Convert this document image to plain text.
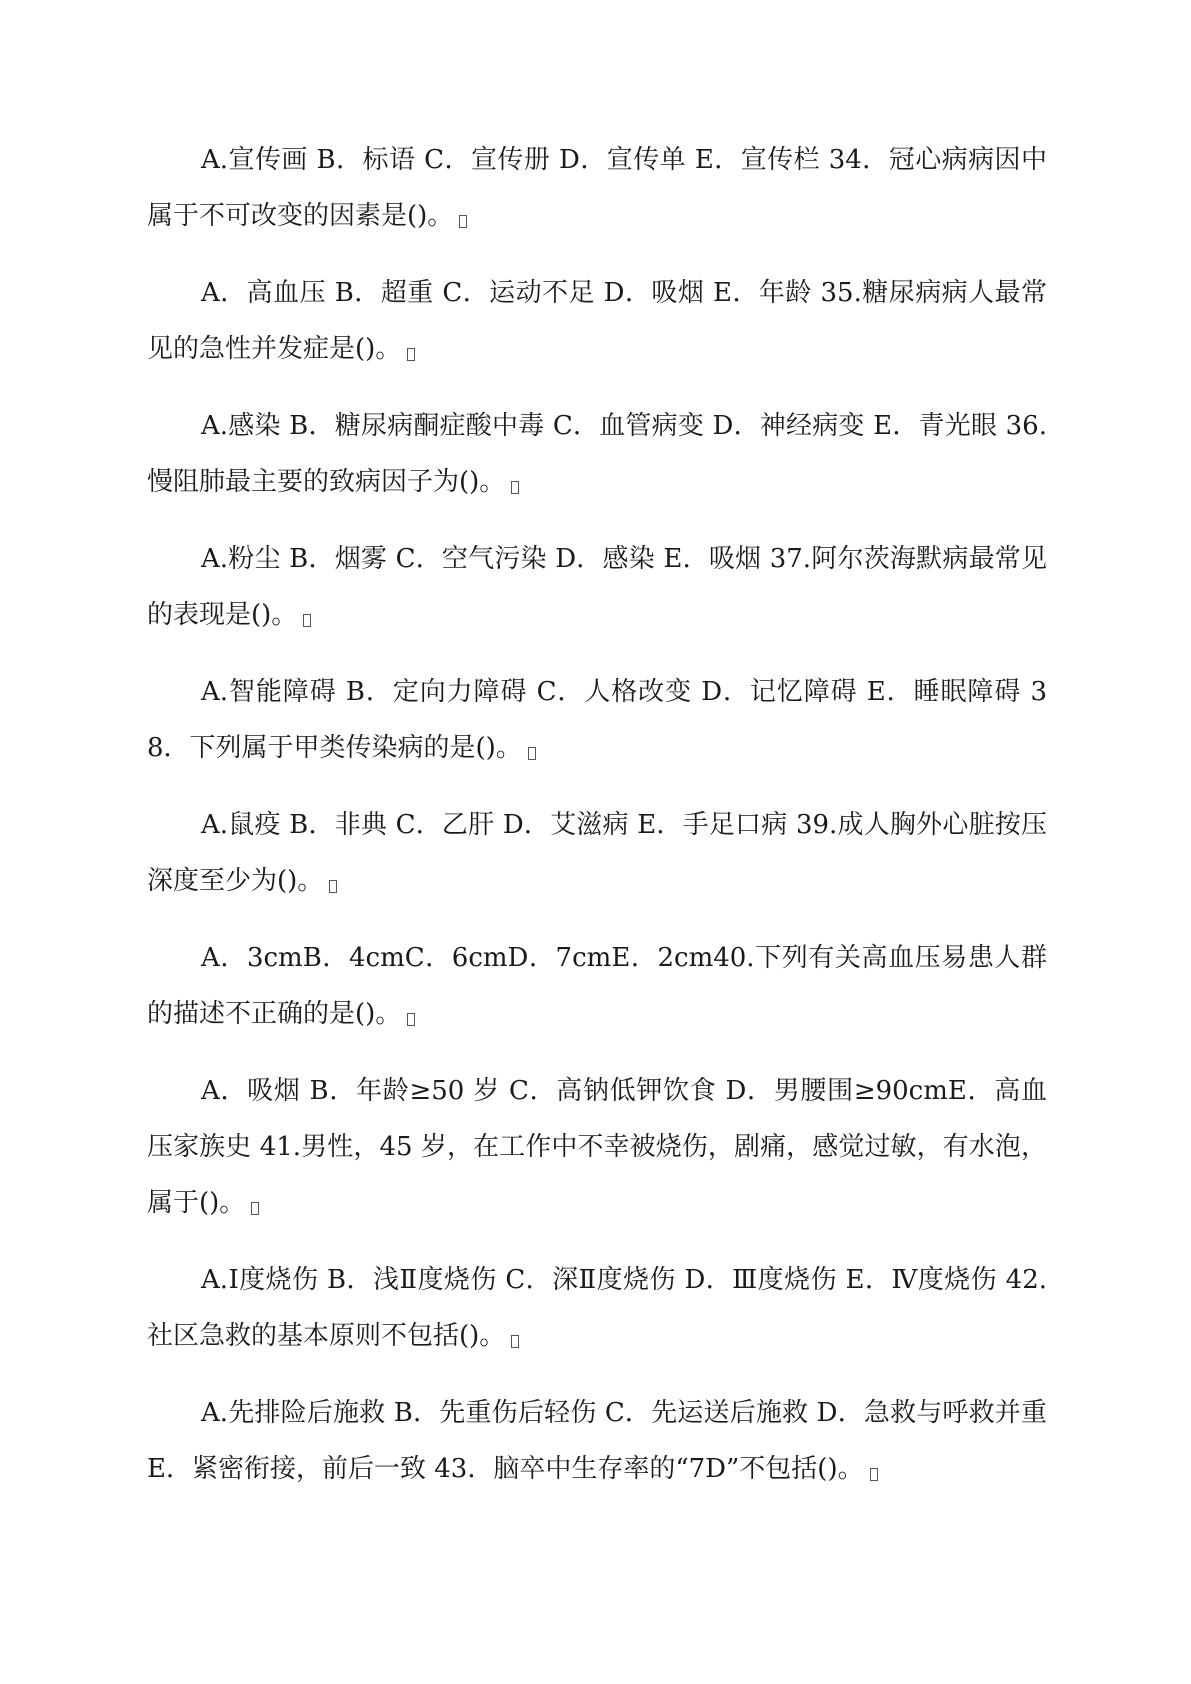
A.宣传画 B．标语 C．宣传册 D．宣传单 E．宣传栏 34．冠心病病因中属于不可改变的因素是()。

A．高血压 B．超重 C．运动不足 D．吸烟 E．年龄 35.糖尿病病人最常见的急性并发症是()。

A.感染 B．糖尿病酮症酸中毒 C．血管病变 D．神经病变 E．青光眼 36.慢阻肺最主要的致病因子为()。

A.粉尘 B．烟雾 C．空气污染 D．感染 E．吸烟 37.阿尔茨海默病最常见的表现是()。

A.智能障碍 B．定向力障碍 C．人格改变 D．记忆障碍 E．睡眠障碍 38．下列属于甲类传染病的是()。

A.鼠疫 B．非典 C．乙肝 D．艾滋病 E．手足口病 39.成人胸外心脏按压深度至少为()。

A．3cmB．4cmC．6cmD．7cmE．2cm40.下列有关高血压易患人群的描述不正确的是()。

A．吸烟 B．年龄≥50 岁 C．高钠低钾饮食 D．男腰围≥90cmE．高血压家族史 41.男性，45 岁，在工作中不幸被烧伤，剧痛，感觉过敏，有水泡，属于()。

A.Ⅰ度烧伤 B．浅Ⅱ度烧伤 C．深Ⅱ度烧伤 D．Ⅲ度烧伤 E．Ⅳ度烧伤 42.社区急救的基本原则不包括()。

A.先排险后施救 B．先重伤后轻伤 C．先运送后施救 D．急救与呼救并重 E．紧密衔接，前后一致 43．脑卒中生存率的“7D”不包括()。
